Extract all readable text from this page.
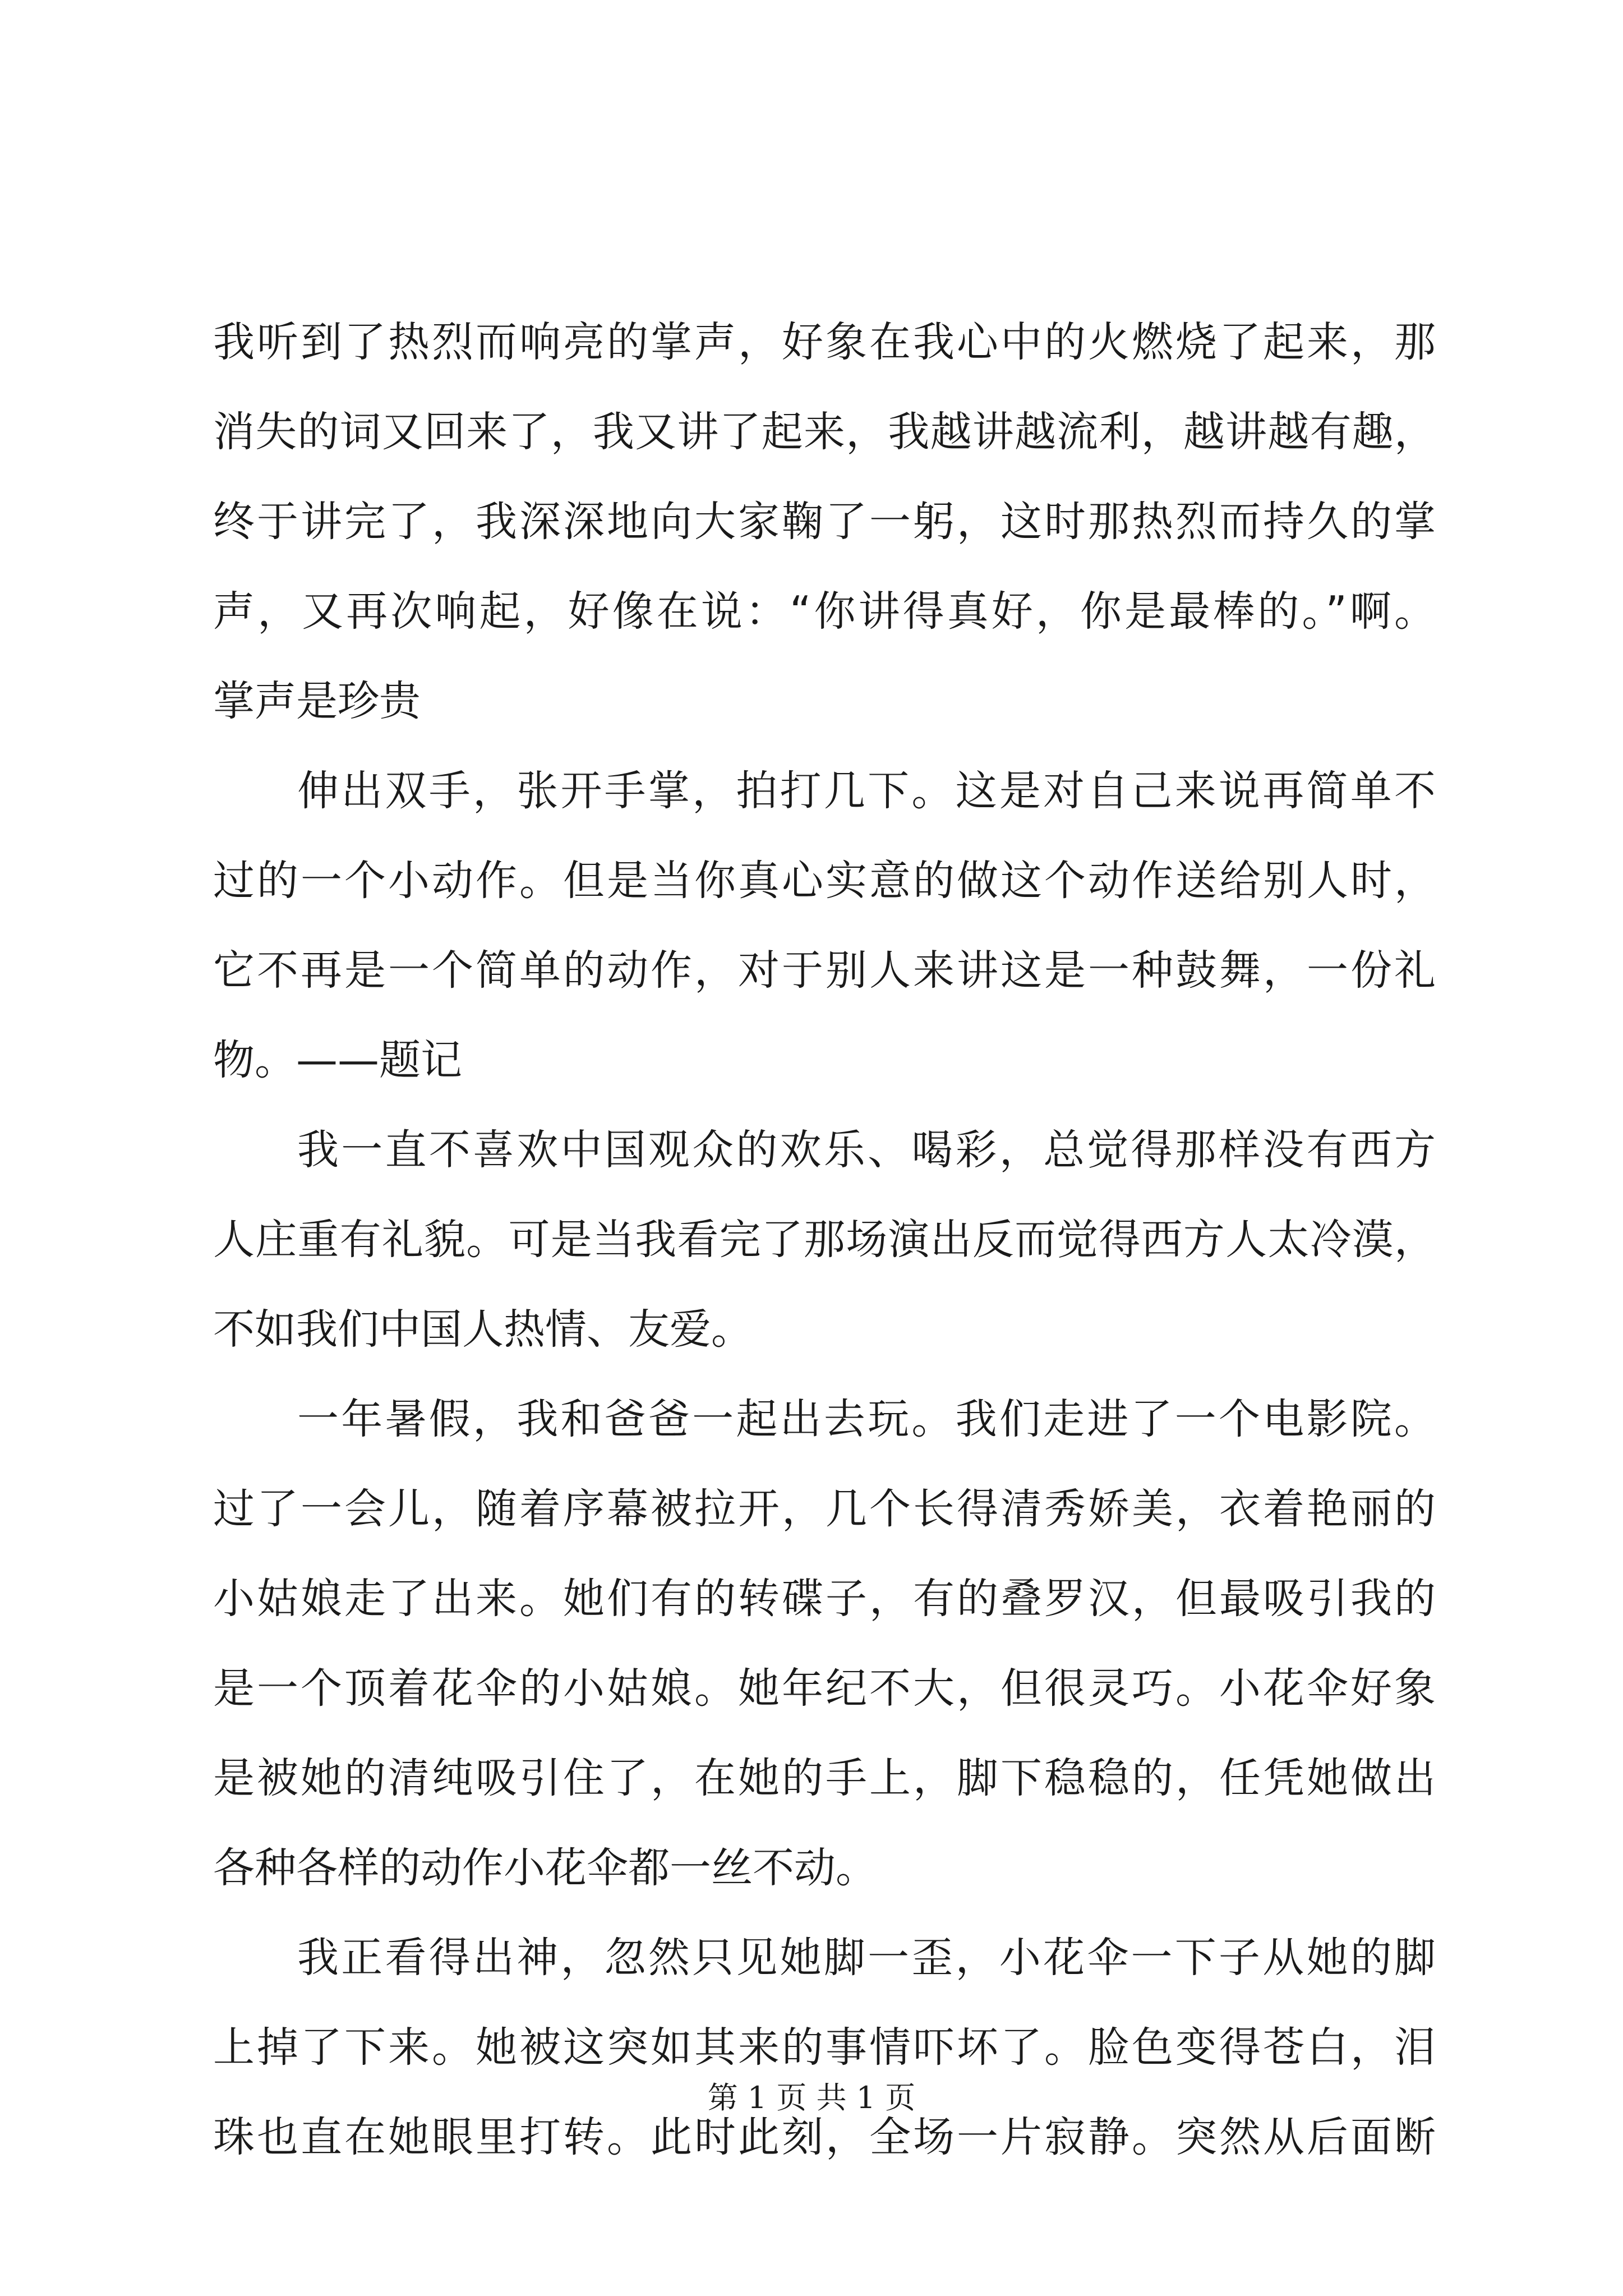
我听到了热烈而响亮的掌声，好象在我心中的火燃烧了起来，那
消失的词又回来了，我又讲了起来，我越讲越流利，越讲越有趣，
终于讲完了，我深深地向大家鞠了一躬，这时那热烈而持久的掌
声，又再次响起，好像在说：“你讲得真好，你是最棒的。”啊。
掌声是珍贵
伸出双手，张开手掌，拍打几下。这是对自己来说再简单不
过的一个小动作。但是当你真心实意的做这个动作送给别人时，
它不再是一个简单的动作，对于别人来讲这是一种鼓舞，一份礼
物。——题记
我一直不喜欢中国观众的欢乐、喝彩，总觉得那样没有西方
人庄重有礼貌。可是当我看完了那场演出反而觉得西方人太冷漠，
不如我们中国人热情、友爱。
一年暑假，我和爸爸一起出去玩。我们走进了一个电影院。
过了一会儿，随着序幕被拉开，几个长得清秀娇美，衣着艳丽的
小姑娘走了出来。她们有的转碟子，有的叠罗汉，但最吸引我的
是一个顶着花伞的小姑娘。她年纪不大，但很灵巧。小花伞好象
是被她的清纯吸引住了，在她的手上，脚下稳稳的，任凭她做出
各种各样的动作小花伞都一丝不动。
我正看得出神，忽然只见她脚一歪，小花伞一下子从她的脚
上掉了下来。她被这突如其来的事情吓坏了。脸色变得苍白，泪
珠也直在她眼里打转。此时此刻，全场一片寂静。突然从后面断
第 1 页 共 1 页
